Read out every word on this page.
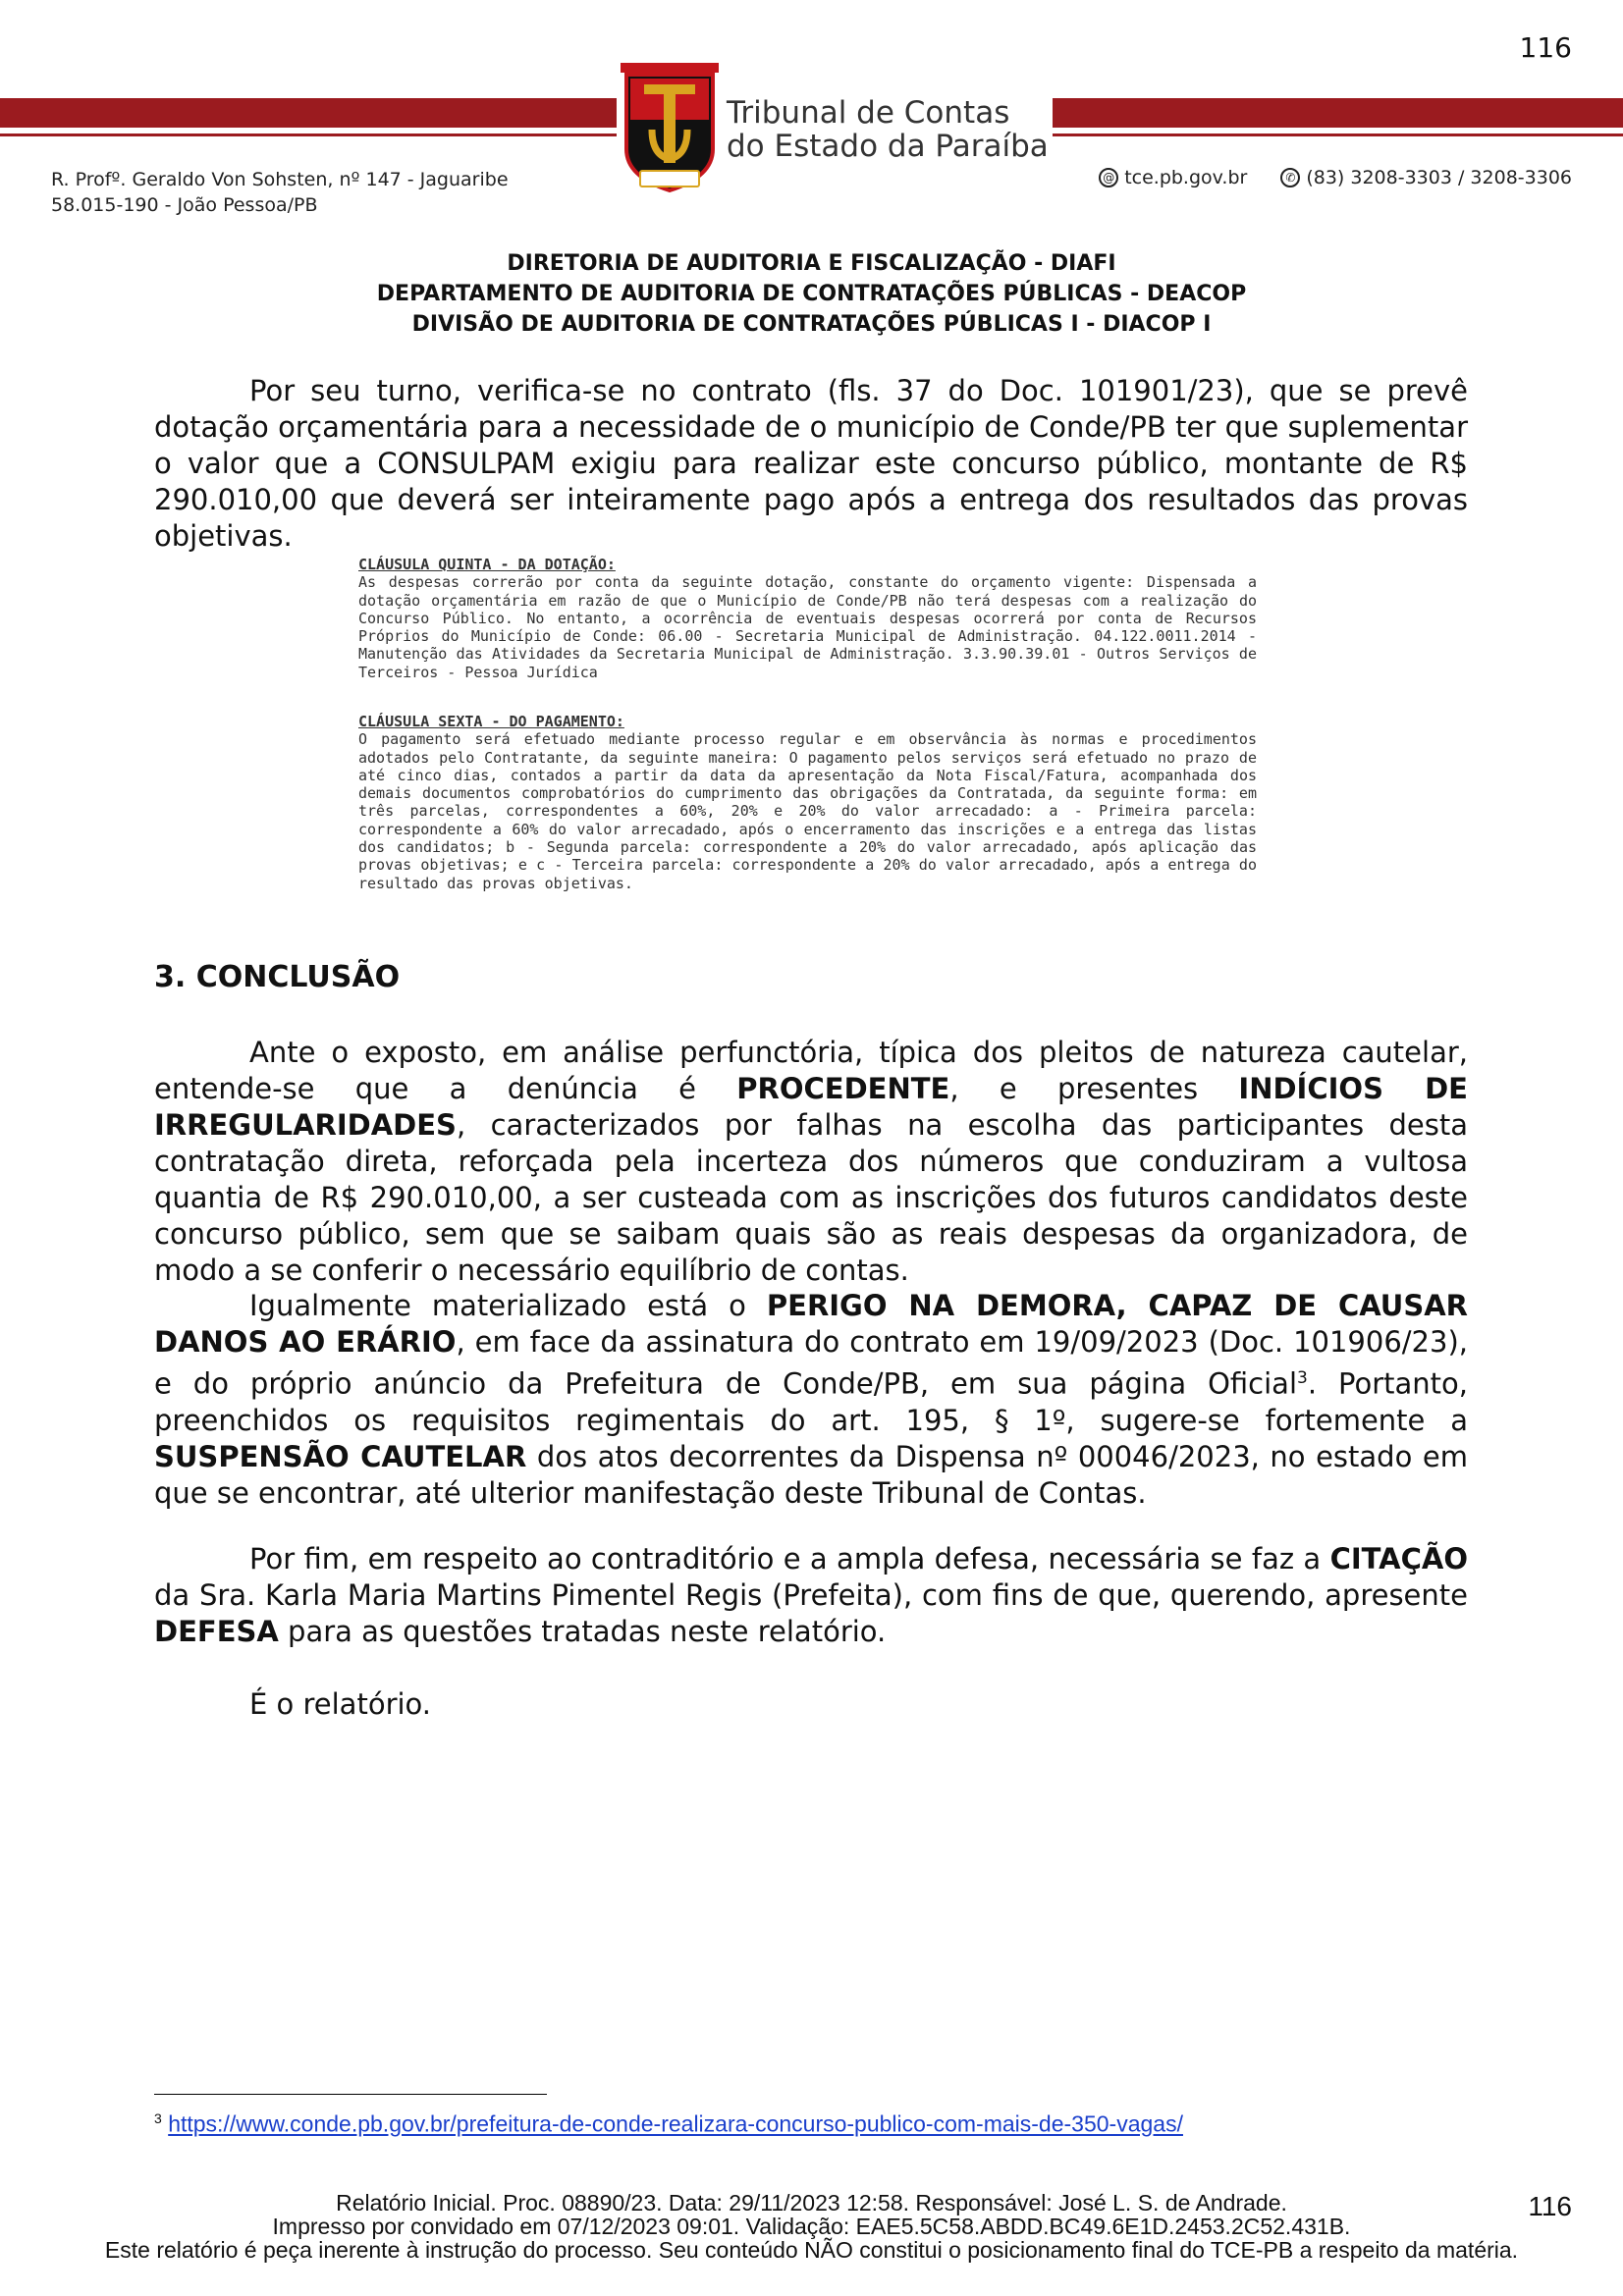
116
Tribunal de Contas
do Estado da Paraíba
R. Profº. Geraldo Von Sohsten, nº 147 - Jaguaribe
58.015-190 - João Pessoa/PB
@ tce.pb.gov.br	✆ (83) 3208-3303 / 3208-3306
DIRETORIA DE AUDITORIA E FISCALIZAÇÃO - DIAFI
DEPARTAMENTO DE AUDITORIA DE CONTRATAÇÕES PÚBLICAS - DEACOP
DIVISÃO DE AUDITORIA DE CONTRATAÇÕES PÚBLICAS I - DIACOP I

Por seu turno, verifica-se no contrato (fls. 37 do Doc. 101901/23), que se prevê dotação orçamentária para a necessidade de o município de Conde/PB ter que suplementar o valor que a CONSULPAM exigiu para realizar este concurso público, montante de R$ 290.010,00 que deverá ser inteiramente pago após a entrega dos resultados das provas objetivas.

CLÁUSULA QUINTA - DA DOTAÇÃO:
As despesas correrão por conta da seguinte dotação, constante do orçamento vigente: Dispensada a dotação orçamentária em razão de que o Município de Conde/PB não terá despesas com a realização do Concurso Público. No entanto, a ocorrência de eventuais despesas ocorrerá por conta de Recursos Próprios do Município de Conde: 06.00 - Secretaria Municipal de Administração. 04.122.0011.2014 - Manutenção das Atividades da Secretaria Municipal de Administração. 3.3.90.39.01 - Outros Serviços de Terceiros - Pessoa Jurídica
CLÁUSULA SEXTA - DO PAGAMENTO:
O pagamento será efetuado mediante processo regular e em observância às normas e procedimentos adotados pelo Contratante, da seguinte maneira: O pagamento pelos serviços será efetuado no prazo de até cinco dias, contados a partir da data da apresentação da Nota Fiscal/Fatura, acompanhada dos demais documentos comprobatórios do cumprimento das obrigações da Contratada, da seguinte forma: em três parcelas, correspondentes a 60%, 20% e 20% do valor arrecadado: a - Primeira parcela: correspondente a 60% do valor arrecadado, após o encerramento das inscrições e a entrega das listas dos candidatos; b - Segunda parcela: correspondente a 20% do valor arrecadado, após aplicação das provas objetivas; e c - Terceira parcela: correspondente a 20% do valor arrecadado, após a entrega do resultado das provas objetivas.
3. CONCLUSÃO

Ante o exposto, em análise perfunctória, típica dos pleitos de natureza cautelar, entende-se que a denúncia é PROCEDENTE, e presentes INDÍCIOS DE IRREGULARIDADES, caracterizados por falhas na escolha das participantes desta contratação direta, reforçada pela incerteza dos números que conduziram a vultosa quantia de R$ 290.010,00, a ser custeada com as inscrições dos futuros candidatos deste concurso público, sem que se saibam quais são as reais despesas da organizadora, de modo a se conferir o necessário equilíbrio de contas.

Igualmente materializado está o PERIGO NA DEMORA, CAPAZ DE CAUSAR DANOS AO ERÁRIO, em face da assinatura do contrato em 19/09/2023 (Doc. 101906/23), e do próprio anúncio da Prefeitura de Conde/PB, em sua página Oficial$^3$. Portanto, preenchidos os requisitos regimentais do art. 195, § 1º, sugere-se fortemente a SUSPENSÃO CAUTELAR dos atos decorrentes da Dispensa nº 00046/2023, no estado em que se encontrar, até ulterior manifestação deste Tribunal de Contas.

Por fim, em respeito ao contraditório e a ampla defesa, necessária se faz a CITAÇÃO da Sra. Karla Maria Martins Pimentel Regis (Prefeita), com fins de que, querendo, apresente DEFESA para as questões tratadas neste relatório.

É o relatório.

$^3$ https://www.conde.pb.gov.br/prefeitura-de-conde-realizara-concurso-publico-com-mais-de-350-vagas/
Relatório Inicial. Proc. 08890/23. Data: 29/11/2023 12:58. Responsável: José L. S. de Andrade.
Impresso por convidado em 07/12/2023 09:01. Validação: EAE5.5C58.ABDD.BC49.6E1D.2453.2C52.431B.
Este relatório é peça inerente à instrução do processo. Seu conteúdo NÃO constitui o posicionamento final do TCE-PB a respeito da matéria.
116
